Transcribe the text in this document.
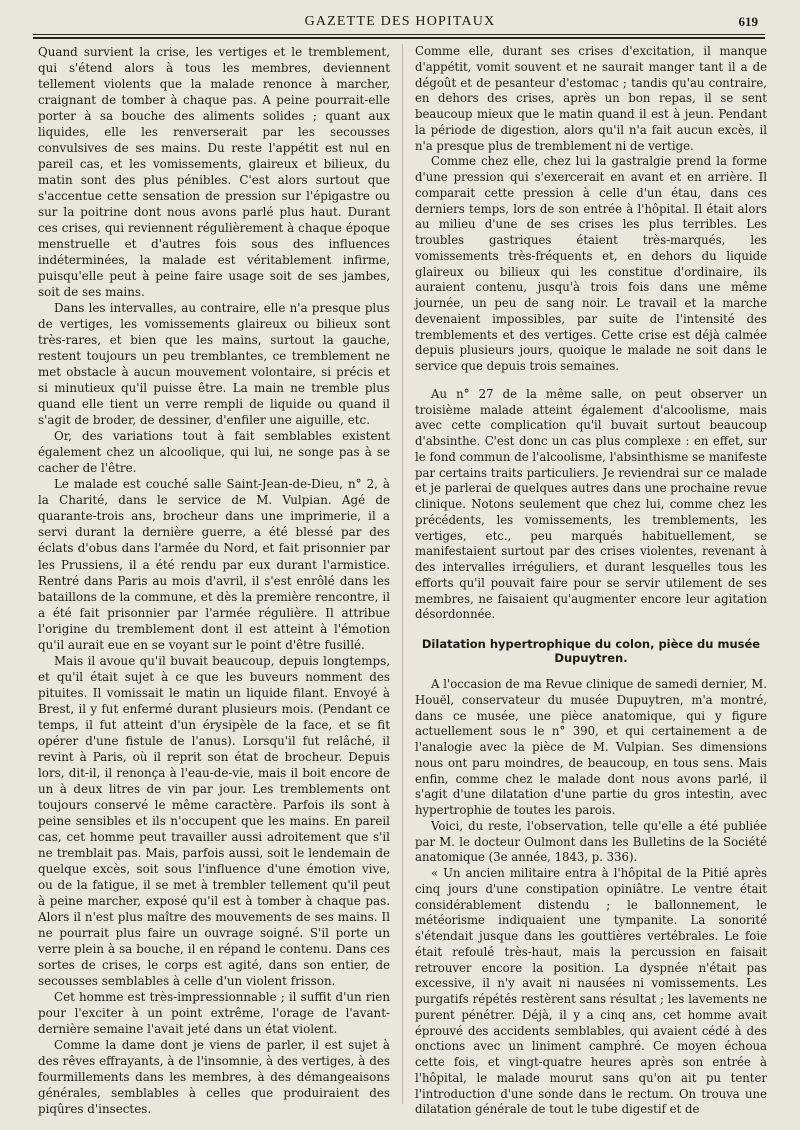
GAZETTE DES HOPITAUX	619

Quand survient la crise, les vertiges et le tremblement, qui s'étend alors à tous les membres, deviennent tellement violents que la malade renonce à marcher, craignant de tomber à chaque pas. A peine pourrait-elle porter à sa bouche des aliments solides ; quant aux liquides, elle les renverserait par les secousses convulsives de ses mains. Du reste l'appétit est nul en pareil cas, et les vomissements, glaireux et bilieux, du matin sont des plus pénibles. C'est alors surtout que s'accentue cette sensation de pression sur l'épigastre ou sur la poitrine dont nous avons parlé plus haut. Durant ces crises, qui reviennent régulièrement à chaque époque menstruelle et d'autres fois sous des influences indéterminées, la malade est véritablement infirme, puisqu'elle peut à peine faire usage soit de ses jambes, soit de ses mains.

Dans les intervalles, au contraire, elle n'a presque plus de vertiges, les vomissements glaireux ou bilieux sont très-rares, et bien que les mains, surtout la gauche, restent toujours un peu tremblantes, ce tremblement ne met obstacle à aucun mouvement volontaire, si précis et si minutieux qu'il puisse être. La main ne tremble plus quand elle tient un verre rempli de liquide ou quand il s'agit de broder, de dessiner, d'enfiler une aiguille, etc.

Or, des variations tout à fait semblables existent également chez un alcoolique, qui lui, ne songe pas à se cacher de l'être.

Le malade est couché salle Saint-Jean-de-Dieu, n° 2, à la Charité, dans le service de M. Vulpian. Agé de quarante-trois ans, brocheur dans une imprimerie, il a servi durant la dernière guerre, a été blessé par des éclats d'obus dans l'armée du Nord, et fait prisonnier par les Prussiens, il a été rendu par eux durant l'armistice. Rentré dans Paris au mois d'avril, il s'est enrôlé dans les bataillons de la commune, et dès la première rencontre, il a été fait prisonnier par l'armée régulière. Il attribue l'origine du tremblement dont il est atteint à l'émotion qu'il aurait eue en se voyant sur le point d'être fusillé.

Mais il avoue qu'il buvait beaucoup, depuis longtemps, et qu'il était sujet à ce que les buveurs nomment des pituites. Il vomissait le matin un liquide filant. Envoyé à Brest, il y fut enfermé durant plusieurs mois. (Pendant ce temps, il fut atteint d'un érysipèle de la face, et se fit opérer d'une fistule de l'anus). Lorsqu'il fut relâché, il revint à Paris, où il reprit son état de brocheur. Depuis lors, dit-il, il renonça à l'eau-de-vie, mais il boit encore de un à deux litres de vin par jour. Les tremblements ont toujours conservé le même caractère. Parfois ils sont à peine sensibles et ils n'occupent que les mains. En pareil cas, cet homme peut travailler aussi adroitement que s'il ne tremblait pas. Mais, parfois aussi, soit le lendemain de quelque excès, soit sous l'influence d'une émotion vive, ou de la fatigue, il se met à trembler tellement qu'il peut à peine marcher, exposé qu'il est à tomber à chaque pas. Alors il n'est plus maître des mouvements de ses mains. Il ne pourrait plus faire un ouvrage soigné. S'il porte un verre plein à sa bouche, il en répand le contenu. Dans ces sortes de crises, le corps est agité, dans son entier, de secousses semblables à celle d'un violent frisson.

Cet homme est très-impressionnable ; il suffit d'un rien pour l'exciter à un point extrême, l'orage de l'avant-dernière semaine l'avait jeté dans un état violent.

Comme la dame dont je viens de parler, il est sujet à des rêves effrayants, à de l'insomnie, à des vertiges, à des fourmillements dans les membres, à des démangeaisons générales, semblables à celles que produiraient des piqûres d'insectes.

Comme elle, durant ses crises d'excitation, il manque d'appétit, vomit souvent et ne saurait manger tant il a de dégoût et de pesanteur d'estomac ; tandis qu'au contraire, en dehors des crises, après un bon repas, il se sent beaucoup mieux que le matin quand il est à jeun. Pendant la période de digestion, alors qu'il n'a fait aucun excès, il n'a presque plus de tremblement ni de vertige.

Comme chez elle, chez lui la gastralgie prend la forme d'une pression qui s'exercerait en avant et en arrière. Il comparait cette pression à celle d'un étau, dans ces derniers temps, lors de son entrée à l'hôpital. Il était alors au milieu d'une de ses crises les plus terribles. Les troubles gastriques étaient très-marqués, les vomissements très-fréquents et, en dehors du liquide glaireux ou bilieux qui les constitue d'ordinaire, ils auraient contenu, jusqu'à trois fois dans une même journée, un peu de sang noir. Le travail et la marche devenaient impossibles, par suite de l'intensité des tremblements et des vertiges. Cette crise est déjà calmée depuis plusieurs jours, quoique le malade ne soit dans le service que depuis trois semaines.

Au n° 27 de la même salle, on peut observer un troisième malade atteint également d'alcoolisme, mais avec cette complication qu'il buvait surtout beaucoup d'absinthe. C'est donc un cas plus complexe : en effet, sur le fond commun de l'alcoolisme, l'absinthisme se manifeste par certains traits particuliers. Je reviendrai sur ce malade et je parlerai de quelques autres dans une prochaine revue clinique. Notons seulement que chez lui, comme chez les précédents, les vomissements, les tremblements, les vertiges, etc., peu marqués habituellement, se manifestaient surtout par des crises violentes, revenant à des intervalles irréguliers, et durant lesquelles tous les efforts qu'il pouvait faire pour se servir utilement de ses membres, ne faisaient qu'augmenter encore leur agitation désordonnée.

Dilatation hypertrophique du colon, pièce du musée Dupuytren.

A l'occasion de ma Revue clinique de samedi dernier, M. Houël, conservateur du musée Dupuytren, m'a montré, dans ce musée, une pièce anatomique, qui y figure actuellement sous le n° 390, et qui certainement a de l'analogie avec la pièce de M. Vulpian. Ses dimensions nous ont paru moindres, de beaucoup, en tous sens. Mais enfin, comme chez le malade dont nous avons parlé, il s'agit d'une dilatation d'une partie du gros intestin, avec hypertrophie de toutes les parois.

Voici, du reste, l'observation, telle qu'elle a été publiée par M. le docteur Oulmont dans les Bulletins de la Société anatomique (3e année, 1843, p. 336).

« Un ancien militaire entra à l'hôpital de la Pitié après cinq jours d'une constipation opiniâtre. Le ventre était considérablement distendu ; le ballonnement, le météorisme indiquaient une tympanite. La sonorité s'étendait jusque dans les gouttières vertébrales. Le foie était refoulé très-haut, mais la percussion en faisait retrouver encore la position. La dyspnée n'était pas excessive, il n'y avait ni nausées ni vomissements. Les purgatifs répétés restèrent sans résultat ; les lavements ne purent pénétrer. Déjà, il y a cinq ans, cet homme avait éprouvé des accidents semblables, qui avaient cédé à des onctions avec un liniment camphré. Ce moyen échoua cette fois, et vingt-quatre heures après son entrée à l'hôpital, le malade mourut sans qu'on ait pu tenter l'introduction d'une sonde dans le rectum. On trouva une dilatation générale de tout le tube digestif et de
